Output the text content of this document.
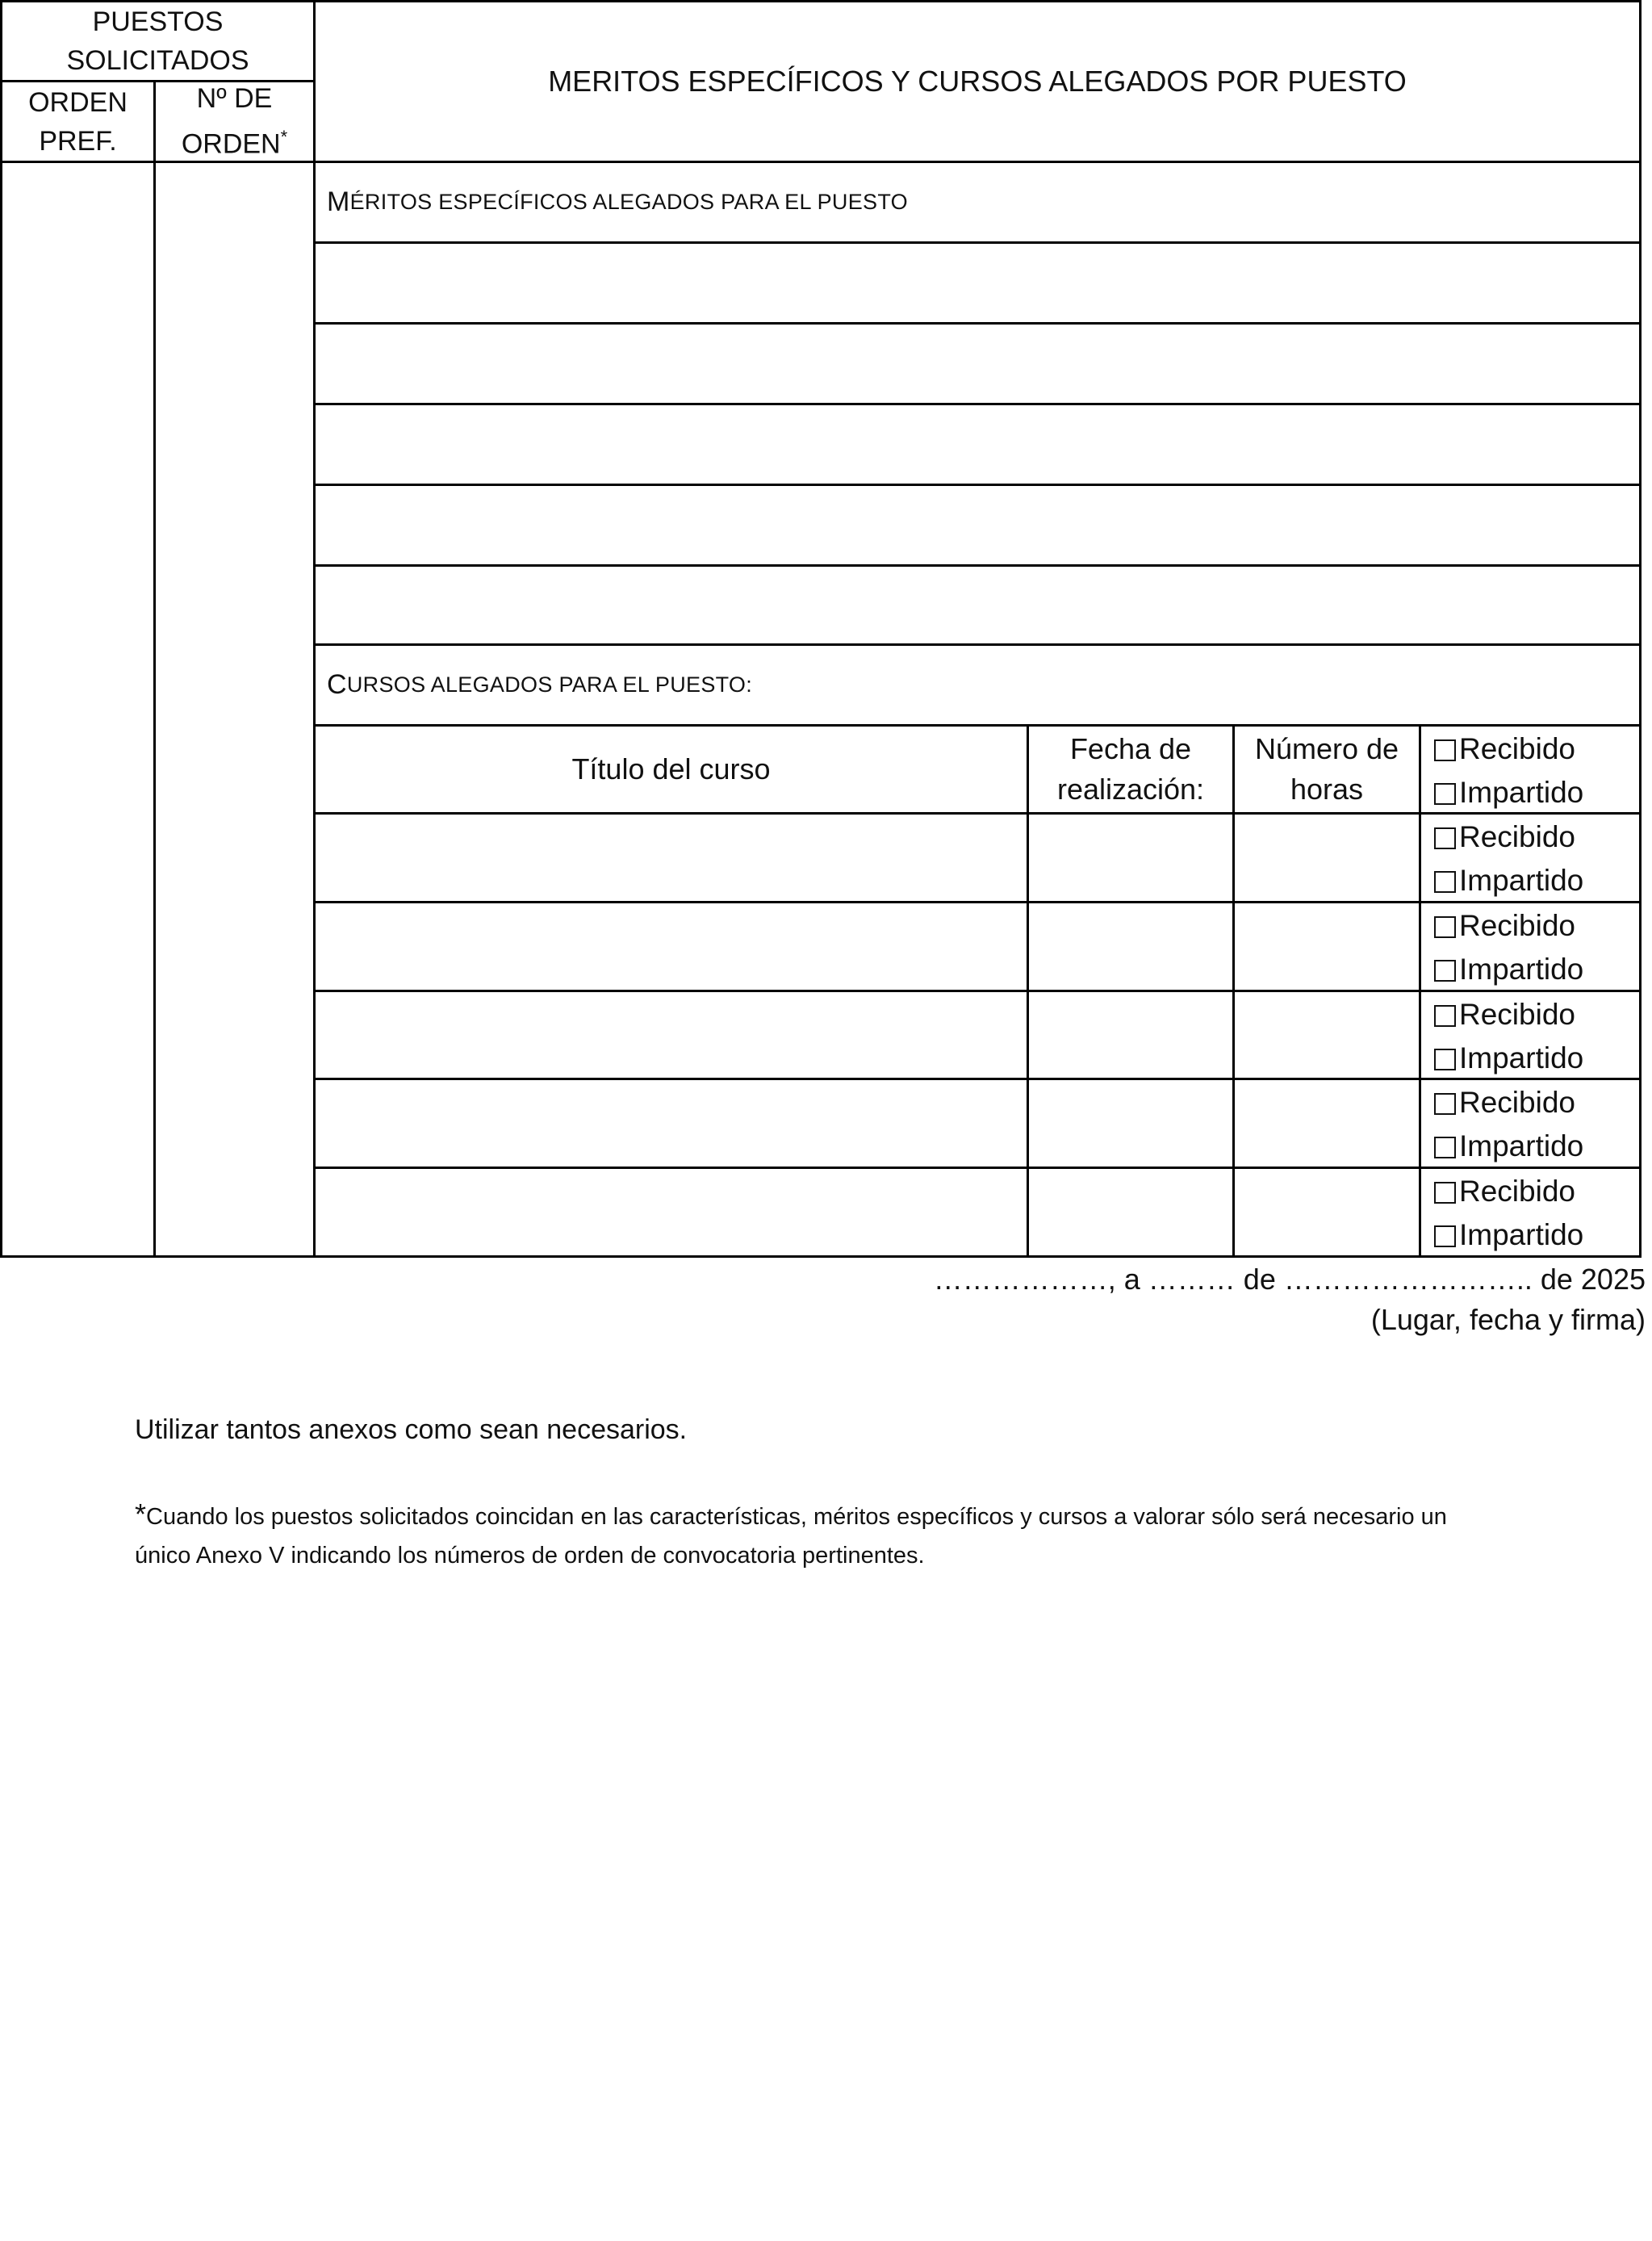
PUESTOS SOLICITADOS
ORDEN PREF.
Nº DE ORDEN*
MERITOS ESPECÍFICOS Y CURSOS ALEGADOS POR PUESTO
M ÉRITOS ESPECÍFICOS ALEGADOS PARA EL PUESTO
C URSOS ALEGADOS PARA EL PUESTO:
Título del curso
Fecha de realización:
Número de horas
Recibido
Impartido
Recibido
Impartido
Recibido
Impartido
Recibido
Impartido
Recibido
Impartido
Recibido
Impartido
………………, a ……… de …………………….. de 2025
(Lugar, fecha y firma)
Utilizar tantos anexos como sean necesarios.
*Cuando los puestos solicitados coincidan en las características, méritos específicos y cursos a valorar sólo será necesario un
único Anexo V indicando los números de orden de convocatoria pertinentes.
